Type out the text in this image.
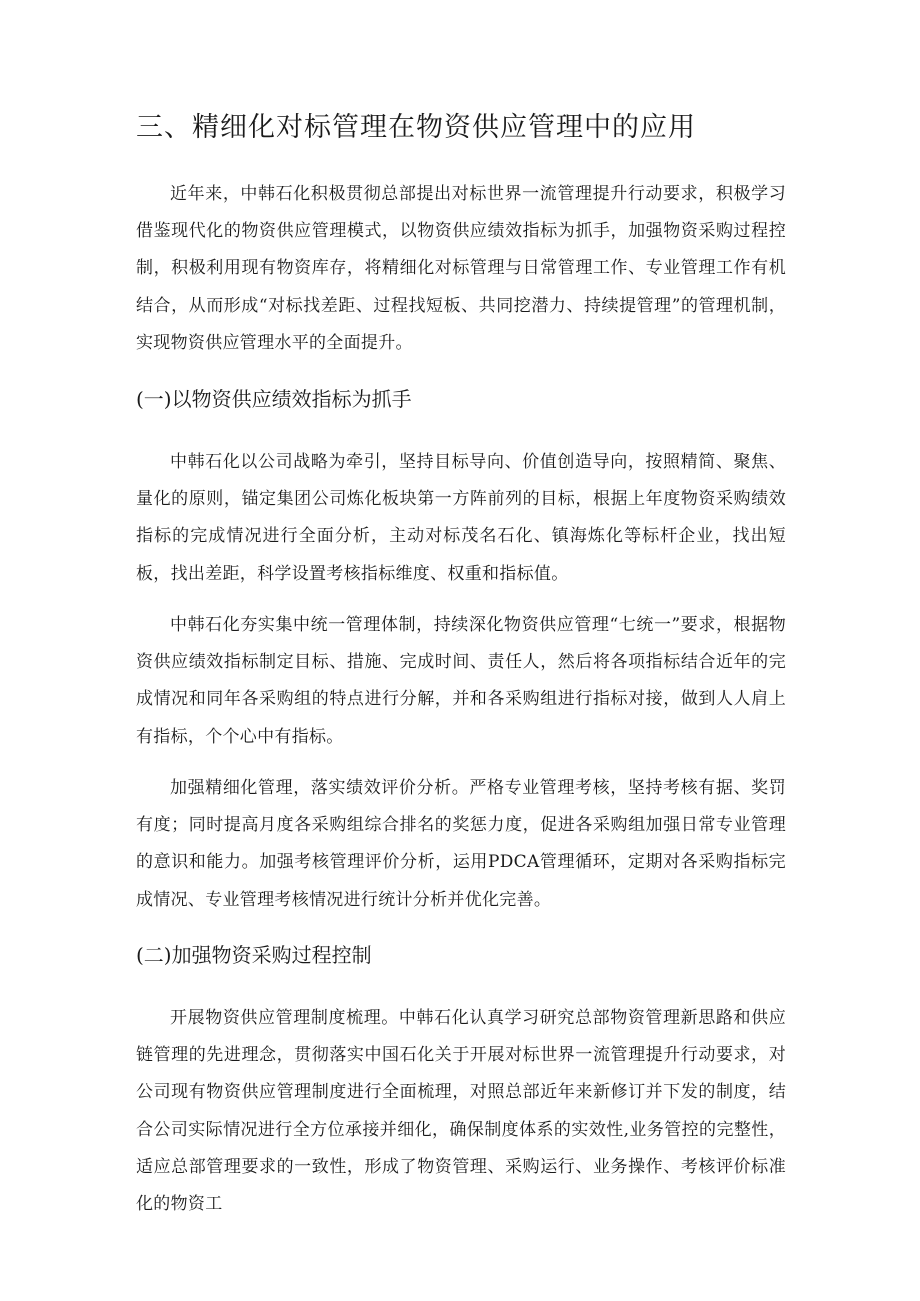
三、精细化对标管理在物资供应管理中的应用

近年来，中韩石化积极贯彻总部提出对标世界一流管理提升行动要求，积极学习借鉴现代化的物资供应管理模式，以物资供应绩效指标为抓手，加强物资采购过程控制，积极利用现有物资库存，将精细化对标管理与日常管理工作、专业管理工作有机结合，从而形成“对标找差距、过程找短板、共同挖潜力、持续提管理”的管理机制，实现物资供应管理水平的全面提升。

(一)以物资供应绩效指标为抓手

中韩石化以公司战略为牵引，坚持目标导向、价值创造导向，按照精简、聚焦、量化的原则，锚定集团公司炼化板块第一方阵前列的目标，根据上年度物资采购绩效指标的完成情况进行全面分析，主动对标茂名石化、镇海炼化等标杆企业，找出短板，找出差距，科学设置考核指标维度、权重和指标值。

中韩石化夯实集中统一管理体制，持续深化物资供应管理“七统一”要求，根据物资供应绩效指标制定目标、措施、完成时间、责任人，然后将各项指标结合近年的完成情况和同年各采购组的特点进行分解，并和各采购组进行指标对接，做到人人肩上有指标，个个心中有指标。

加强精细化管理，落实绩效评价分析。严格专业管理考核，坚持考核有据、奖罚有度；同时提高月度各采购组综合排名的奖惩力度，促进各采购组加强日常专业管理的意识和能力。加强考核管理评价分析，运用PDCA管理循环，定期对各采购指标完成情况、专业管理考核情况进行统计分析并优化完善。

(二)加强物资采购过程控制

开展物资供应管理制度梳理。中韩石化认真学习研究总部物资管理新思路和供应链管理的先进理念，贯彻落实中国石化关于开展对标世界一流管理提升行动要求，对公司现有物资供应管理制度进行全面梳理，对照总部近年来新修订并下发的制度，结合公司实际情况进行全方位承接并细化，确保制度体系的实效性,业务管控的完整性，适应总部管理要求的一致性，形成了物资管理、采购运行、业务操作、考核评价标准化的物资工
